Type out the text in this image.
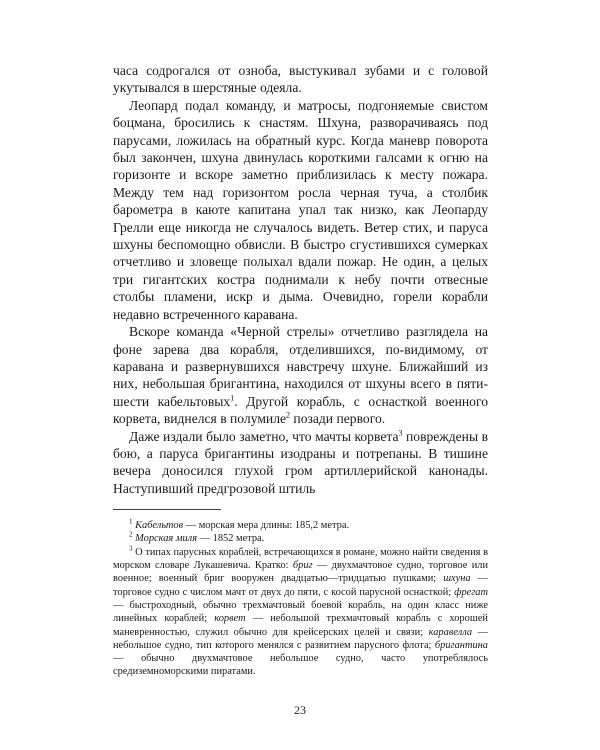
часа содрогался от озноба, выстукивал зубами и с головой укутывался в шерстяные одеяла.

Леопард подал команду, и матросы, подгоняемые свистом боцмана, бросились к снастям. Шхуна, разворачиваясь под парусами, ложилась на обратный курс. Когда маневр поворота был закончен, шхуна двинулась короткими галсами к огню на горизонте и вскоре заметно приблизилась к месту пожара. Между тем над горизонтом росла черная туча, а столбик барометра в каюте капитана упал так низко, как Леопарду Грелли еще никогда не случалось видеть. Ветер стих, и паруса шхуны беспомощно обвисли. В быстро сгустившихся сумерках отчетливо и зловеще полыхал вдали пожар. Не один, а целых три гигантских костра поднимали к небу почти отвесные столбы пламени, искр и дыма. Очевидно, горели корабли недавно встреченного каравана.

Вскоре команда «Черной стрелы» отчетливо разглядела на фоне зарева два корабля, отделившихся, по-видимому, от каравана и развернувшихся навстречу шхуне. Ближайший из них, небольшая бригантина, находился от шхуны всего в пяти-шести кабельтовых$^1$. Другой корабль, с оснасткой военного корвета, виднелся в полумиле$^2$ позади первого.

Даже издали было заметно, что мачты корвета$^3$ повреждены в бою, а паруса бригантины изодраны и потрепаны. В тишине вечера доносился глухой гром артиллерийской канонады. Наступивший предгрозовой штиль

$^1$ Кабельтов — морская мера длины: 185,2 метра.

$^2$ Морская миля — 1852 метра.

$^3$ О типах парусных кораблей, встречающихся в романе, можно найти сведения в морском словаре Лукашевича. Кратко: бриг — двухмачтовое судно, торговое или военное; военный бриг вооружен двадцатью—тридцатью пушками; шхуна — торговое судно с числом мачт от двух до пяти, с косой парусной оснасткой; фрегат — быстроходный, обычно трехмачтовый боевой корабль, на один класс ниже линейных кораблей; корвет — небольшой трехмачтовый корабль с хорошей маневренностью, служил обычно для крейсерских целей и связи; каравелла — небольшое судно, тип которого менялся с развитием парусного флота; бригантина — обычно двухмачтовое небольшое судно, часто употреблялось средиземноморскими пиратами.

23
